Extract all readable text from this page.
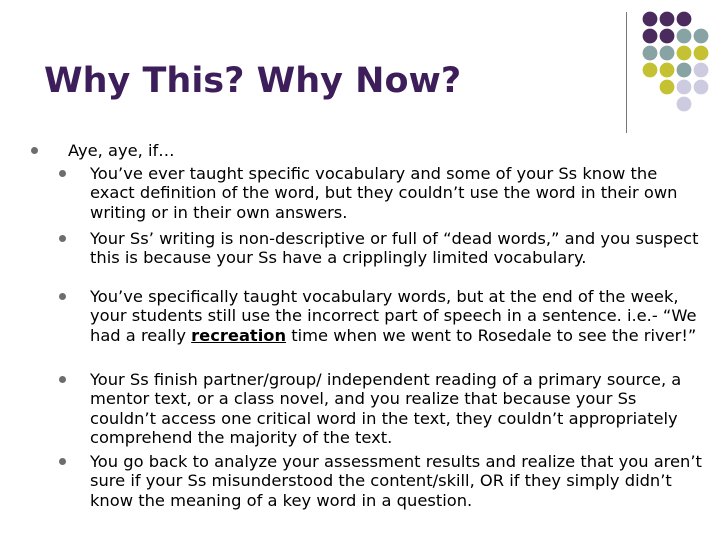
Why This? Why Now?

Aye, aye, if…

You’ve ever taught specific vocabulary and some of your Ss know the exact definition of the word, but they couldn’t use the word in their own writing or in their own answers.

Your Ss’ writing is non-descriptive or full of “dead words,” and you suspect this is because your Ss have a cripplingly limited vocabulary.

You’ve specifically taught vocabulary words, but at the end of the week, your students still use the incorrect part of speech in a sentence. i.e.- “We had a really recreation time when we went to Rosedale to see the river!”

Your Ss finish partner/group/ independent reading of a primary source, a mentor text, or a class novel, and you realize that because your Ss couldn’t access one critical word in the text, they couldn’t appropriately comprehend the majority of the text.

You go back to analyze your assessment results and realize that you aren’t sure if your Ss misunderstood the content/skill, OR if they simply didn’t know the meaning of a key word in a question.
